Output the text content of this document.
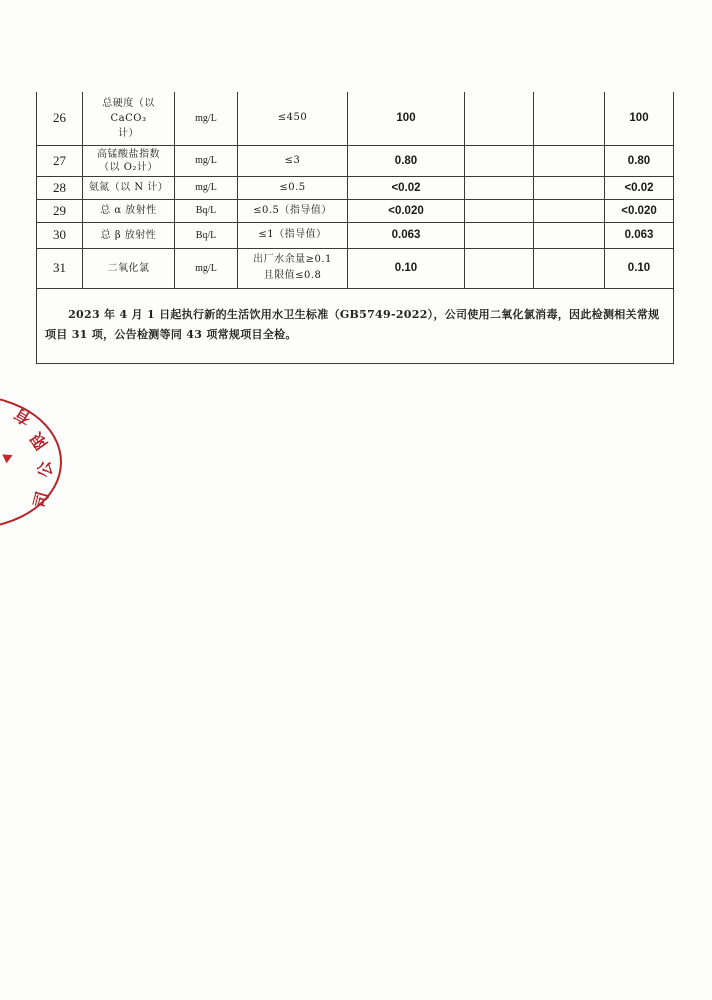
26	总硬度（以 CaCO₃
计）	mg/L	≤450	100			100
27	高锰酸盐指数
（以 O₂计）	mg/L	≤3	0.80			0.80
28	氨氮（以 N 计）	mg/L	≤0.5	<0.02			<0.02
29	总 α 放射性	Bq/L	≤0.5（指导值）	<0.020			<0.020
30	总 β 放射性	Bq/L	≤1（指导值）	0.063			0.063
31	二氧化氯	mg/L	出厂水余量≥0.1
且限值≤0.8	0.10			0.10

2023 年 4 月 1 日起执行新的生活饮用水卫生标准（GB5749-2022），公司使用二氧化氯消毒，因此检测相关常规项目 31 项，公告检测等同 43 项常规项目全检。							
有
限
公
司
